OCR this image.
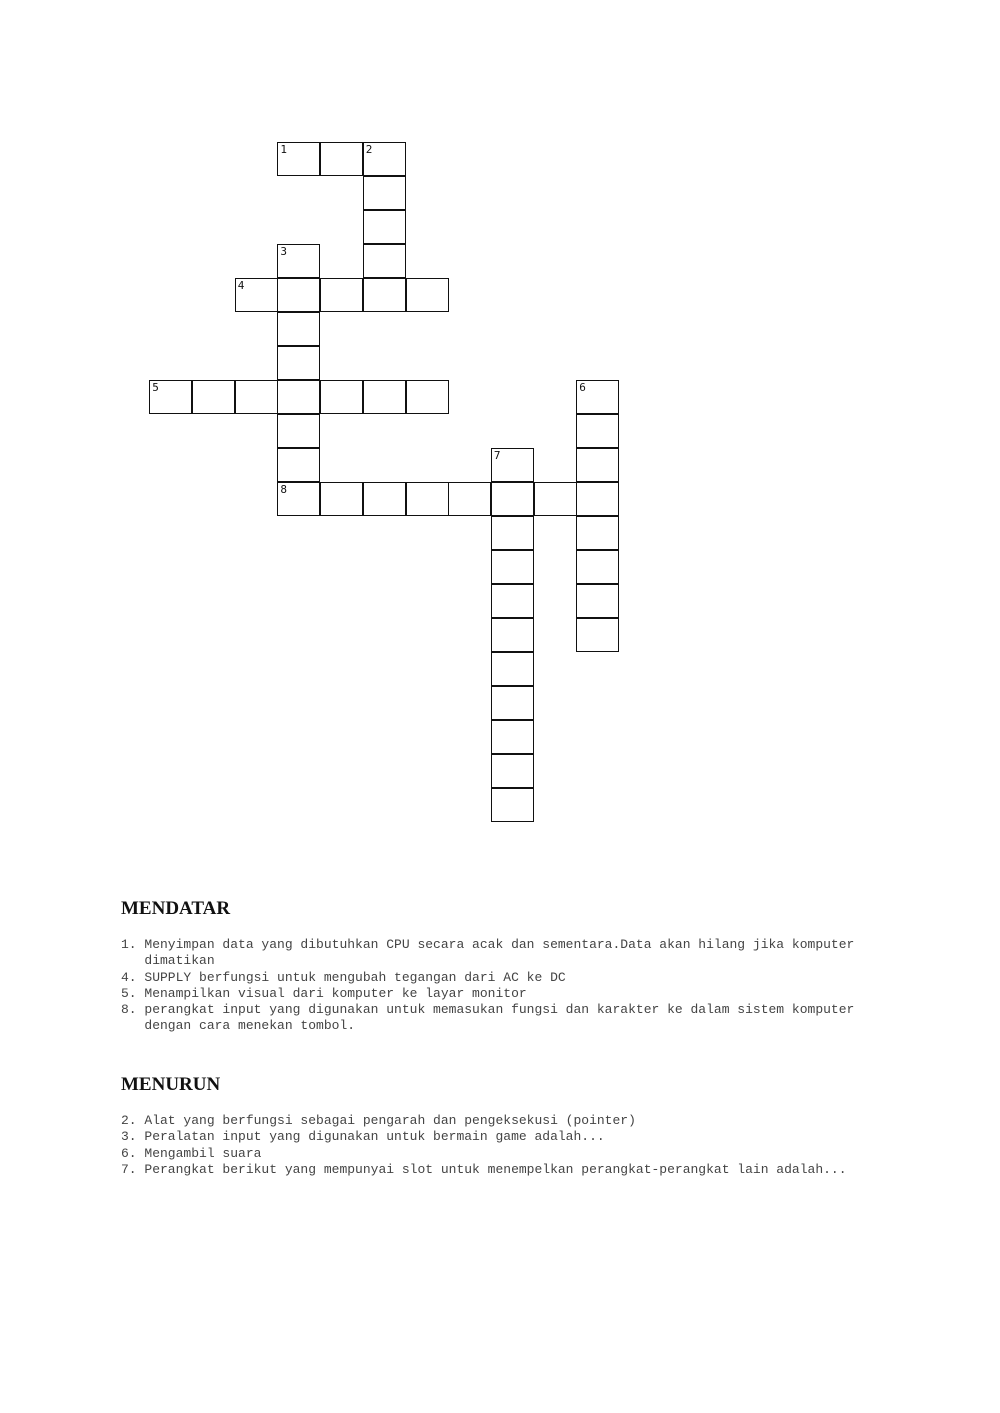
1	2
3
4
5	6
7
8
MENDATAR
1. Menyimpan data yang dibutuhkan CPU secara acak dan sementara.Data akan hilang jika komputer dimatikan
4. SUPPLY berfungsi untuk mengubah tegangan dari AC ke DC
5. Menampilkan visual dari komputer ke layar monitor
8. perangkat input yang digunakan untuk memasukan fungsi dan karakter ke dalam sistem komputer dengan cara menekan tombol.
MENURUN
2. Alat yang berfungsi sebagai pengarah dan pengeksekusi (pointer)
3. Peralatan input yang digunakan untuk bermain game adalah...
6. Mengambil suara
7. Perangkat berikut yang mempunyai slot untuk menempelkan perangkat-perangkat lain adalah...
